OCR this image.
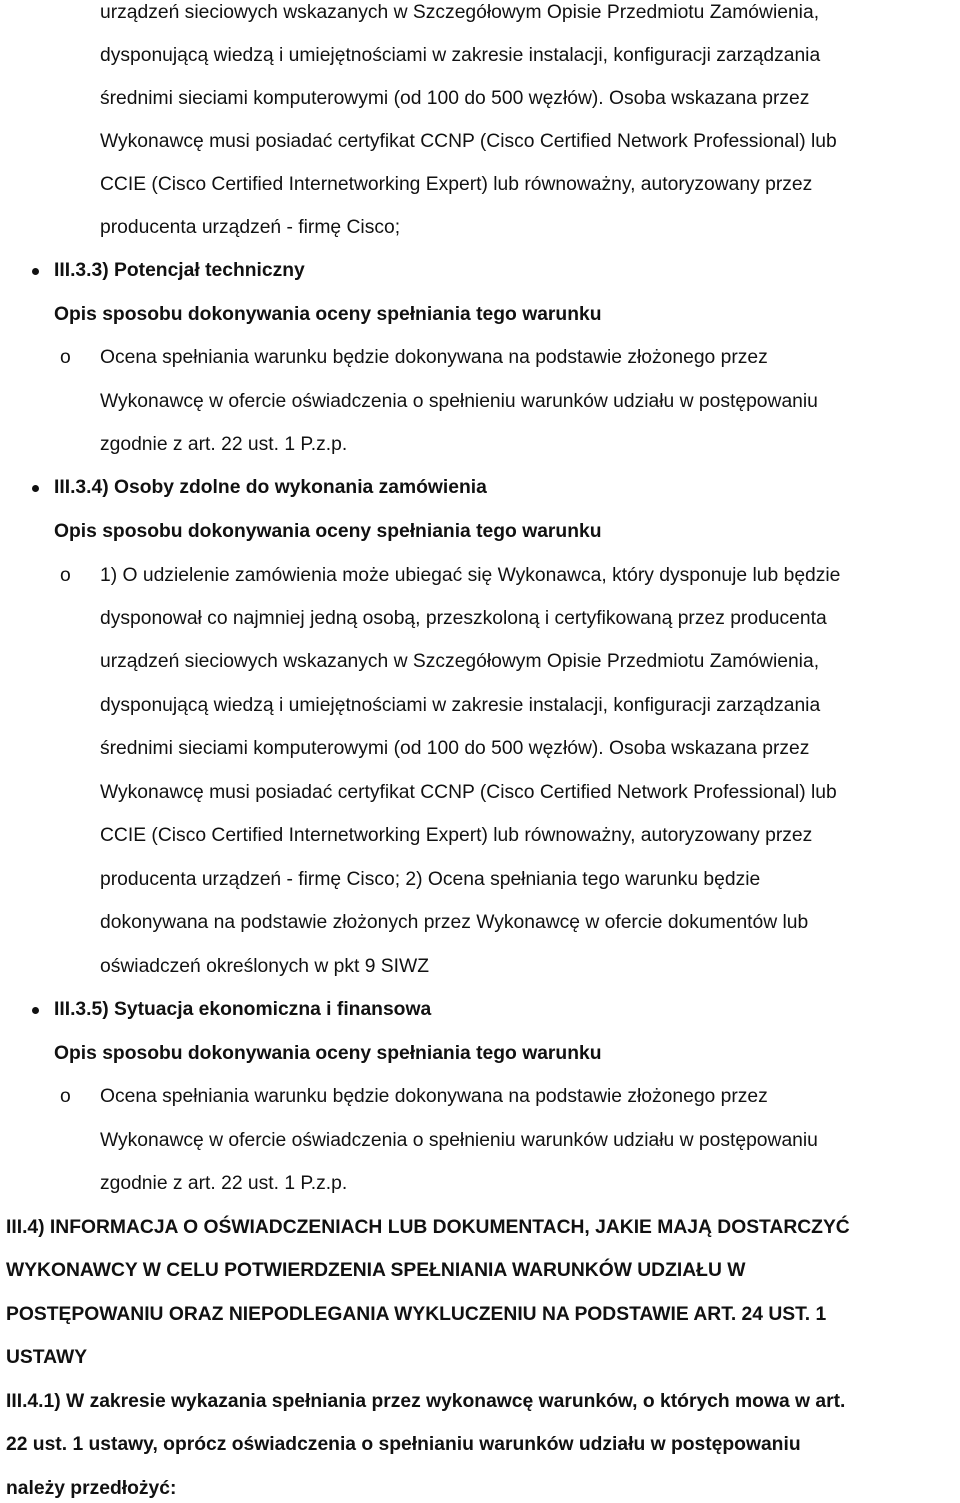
urządzeń sieciowych wskazanych w Szczegółowym Opisie Przedmiotu Zamówienia,
dysponującą wiedzą i umiejętnościami w zakresie instalacji, konfiguracji zarządzania
średnimi sieciami komputerowymi (od 100 do 500 węzłów). Osoba wskazana przez
Wykonawcę musi posiadać certyfikat CCNP (Cisco Certified Network Professional) lub
CCIE (Cisco Certified Internetworking Expert) lub równoważny, autoryzowany przez
producenta urządzeń - firmę Cisco;
III.3.3) Potencjał techniczny
Opis sposobu dokonywania oceny spełniania tego warunku
o Ocena spełniania warunku będzie dokonywana na podstawie złożonego przez
Wykonawcę w ofercie oświadczenia o spełnieniu warunków udziału w postępowaniu
zgodnie z art. 22 ust. 1 P.z.p.
III.3.4) Osoby zdolne do wykonania zamówienia
Opis sposobu dokonywania oceny spełniania tego warunku
o 1) O udzielenie zamówienia może ubiegać się Wykonawca, który dysponuje lub będzie
dysponował co najmniej jedną osobą, przeszkoloną i certyfikowaną przez producenta
urządzeń sieciowych wskazanych w Szczegółowym Opisie Przedmiotu Zamówienia,
dysponującą wiedzą i umiejętnościami w zakresie instalacji, konfiguracji zarządzania
średnimi sieciami komputerowymi (od 100 do 500 węzłów). Osoba wskazana przez
Wykonawcę musi posiadać certyfikat CCNP (Cisco Certified Network Professional) lub
CCIE (Cisco Certified Internetworking Expert) lub równoważny, autoryzowany przez
producenta urządzeń - firmę Cisco; 2) Ocena spełniania tego warunku będzie
dokonywana na podstawie złożonych przez Wykonawcę w ofercie dokumentów lub
oświadczeń określonych w pkt 9 SIWZ
III.3.5) Sytuacja ekonomiczna i finansowa
Opis sposobu dokonywania oceny spełniania tego warunku
o Ocena spełniania warunku będzie dokonywana na podstawie złożonego przez
Wykonawcę w ofercie oświadczenia o spełnieniu warunków udziału w postępowaniu
zgodnie z art. 22 ust. 1 P.z.p.
III.4) INFORMACJA O OŚWIADCZENIACH LUB DOKUMENTACH, JAKIE MAJĄ DOSTARCZYĆ
WYKONAWCY W CELU POTWIERDZENIA SPEŁNIANIA WARUNKÓW UDZIAŁU W
POSTĘPOWANIU ORAZ NIEPODLEGANIA WYKLUCZENIU NA PODSTAWIE ART. 24 UST. 1
USTAWY
III.4.1) W zakresie wykazania spełniania przez wykonawcę warunków, o których mowa w art.
22 ust. 1 ustawy, oprócz oświadczenia o spełnianiu warunków udziału w postępowaniu
należy przedłożyć:
